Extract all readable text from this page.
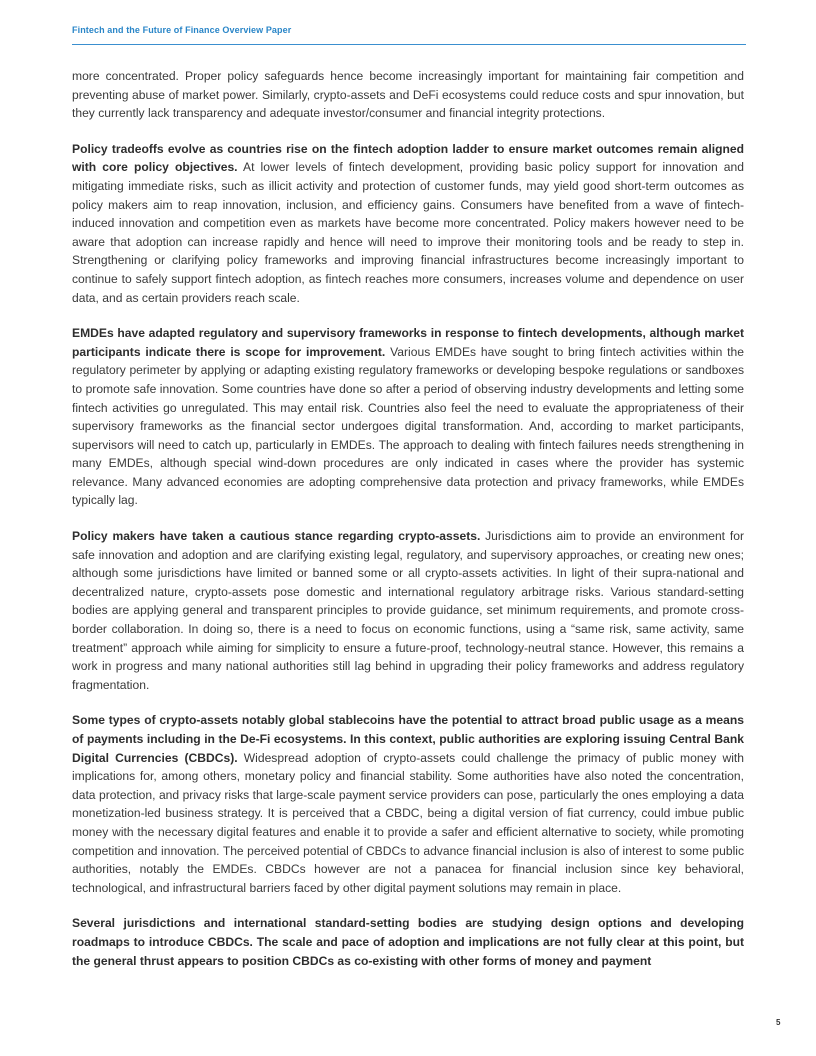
Fintech and the Future of Finance Overview Paper

more concentrated. Proper policy safeguards hence become increasingly important for maintaining fair competition and preventing abuse of market power. Similarly, crypto-assets and DeFi ecosystems could reduce costs and spur innovation, but they currently lack transparency and adequate investor/consumer and financial integrity protections.

Policy tradeoffs evolve as countries rise on the fintech adoption ladder to ensure market outcomes remain aligned with core policy objectives. At lower levels of fintech development, providing basic policy support for innovation and mitigating immediate risks, such as illicit activity and protection of customer funds, may yield good short-term outcomes as policy makers aim to reap innovation, inclusion, and efficiency gains. Consumers have benefited from a wave of fintech-induced innovation and competition even as markets have become more concentrated. Policy makers however need to be aware that adoption can increase rapidly and hence will need to improve their monitoring tools and be ready to step in. Strengthening or clarifying policy frameworks and improving financial infrastructures become increasingly important to continue to safely support fintech adoption, as fintech reaches more consumers, increases volume and dependence on user data, and as certain providers reach scale.

EMDEs have adapted regulatory and supervisory frameworks in response to fintech developments, although market participants indicate there is scope for improvement. Various EMDEs have sought to bring fintech activities within the regulatory perimeter by applying or adapting existing regulatory frameworks or developing bespoke regulations or sandboxes to promote safe innovation. Some countries have done so after a period of observing industry developments and letting some fintech activities go unregulated. This may entail risk. Countries also feel the need to evaluate the appropriateness of their supervisory frameworks as the financial sector undergoes digital transformation. And, according to market participants, supervisors will need to catch up, particularly in EMDEs. The approach to dealing with fintech failures needs strengthening in many EMDEs, although special wind-down procedures are only indicated in cases where the provider has systemic relevance. Many advanced economies are adopting comprehensive data protection and privacy frameworks, while EMDEs typically lag.

Policy makers have taken a cautious stance regarding crypto-assets. Jurisdictions aim to provide an environment for safe innovation and adoption and are clarifying existing legal, regulatory, and supervisory approaches, or creating new ones; although some jurisdictions have limited or banned some or all crypto-assets activities. In light of their supra-national and decentralized nature, crypto-assets pose domestic and international regulatory arbitrage risks. Various standard-setting bodies are applying general and transparent principles to provide guidance, set minimum requirements, and promote cross-border collaboration. In doing so, there is a need to focus on economic functions, using a “same risk, same activity, same treatment” approach while aiming for simplicity to ensure a future-proof, technology-neutral stance. However, this remains a work in progress and many national authorities still lag behind in upgrading their policy frameworks and address regulatory fragmentation.

Some types of crypto-assets notably global stablecoins have the potential to attract broad public usage as a means of payments including in the De-Fi ecosystems. In this context, public authorities are exploring issuing Central Bank Digital Currencies (CBDCs). Widespread adoption of crypto-assets could challenge the primacy of public money with implications for, among others, monetary policy and financial stability. Some authorities have also noted the concentration, data protection, and privacy risks that large-scale payment service providers can pose, particularly the ones employing a data monetization-led business strategy. It is perceived that a CBDC, being a digital version of fiat currency, could imbue public money with the necessary digital features and enable it to provide a safer and efficient alternative to society, while promoting competition and innovation. The perceived potential of CBDCs to advance financial inclusion is also of interest to some public authorities, notably the EMDEs. CBDCs however are not a panacea for financial inclusion since key behavioral, technological, and infrastructural barriers faced by other digital payment solutions may remain in place.

Several jurisdictions and international standard-setting bodies are studying design options and developing roadmaps to introduce CBDCs. The scale and pace of adoption and implications are not fully clear at this point, but the general thrust appears to position CBDCs as co-existing with other forms of money and payment

5
